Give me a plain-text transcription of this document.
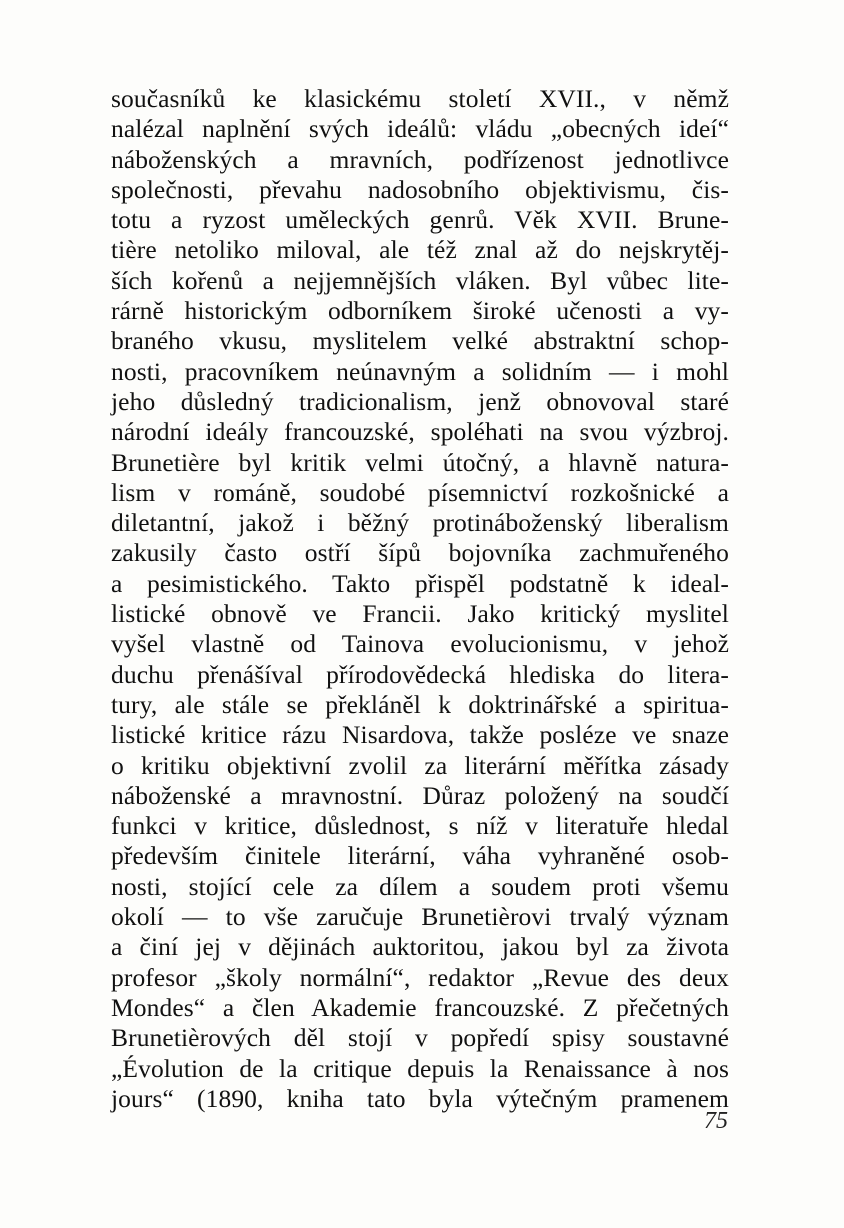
současníků ke klasickému století XVII., v němž
nalézal naplnění svých ideálů: vládu „obecných ideí“
náboženských a mravních, podřízenost jednotlivce
společnosti, převahu nadosobního objektivismu, čis-
totu a ryzost uměleckých genrů. Věk XVII. Brune-
tière netoliko miloval, ale též znal až do nejskrytěj-
ších kořenů a nejjemnějších vláken. Byl vůbec lite-
rárně historickým odborníkem široké učenosti a vy-
braného vkusu, myslitelem velké abstraktní schop-
nosti, pracovníkem neúnavným a solidním — i mohl
jeho důsledný tradicionalism, jenž obnovoval staré
národní ideály francouzské, spoléhati na svou výzbroj.
Brunetière byl kritik velmi útočný, a hlavně natura-
lism v románě, soudobé písemnictví rozkošnické a
diletantní, jakož i běžný protináboženský liberalism
zakusily často ostří šípů bojovníka zachmuřeného
a pesimistického. Takto přispěl podstatně k ideal-
listické obnově ve Francii. Jako kritický myslitel
vyšel vlastně od Tainova evolucionismu, v jehož
duchu přenášíval přírodovědecká hlediska do litera-
tury, ale stále se překláněl k doktrinářské a spiritua-
listické kritice rázu Nisardova, takže posléze ve snaze
o kritiku objektivní zvolil za literární měřítka zásady
náboženské a mravnostní. Důraz položený na soudčí
funkci v kritice, důslednost, s níž v literatuře hledal
především činitele literární, váha vyhraněné osob-
nosti, stojící cele za dílem a soudem proti všemu
okolí — to vše zaručuje Brunetièrovi trvalý význam
a činí jej v dějinách auktoritou, jakou byl za života
profesor „školy normální“, redaktor „Revue des deux
Mondes“ a člen Akademie francouzské. Z přečetných
Brunetièrových děl stojí v popředí spisy soustavné
„Évolution de la critique depuis la Renaissance à nos
jours“ (1890, kniha tato byla výtečným pramenem
75
